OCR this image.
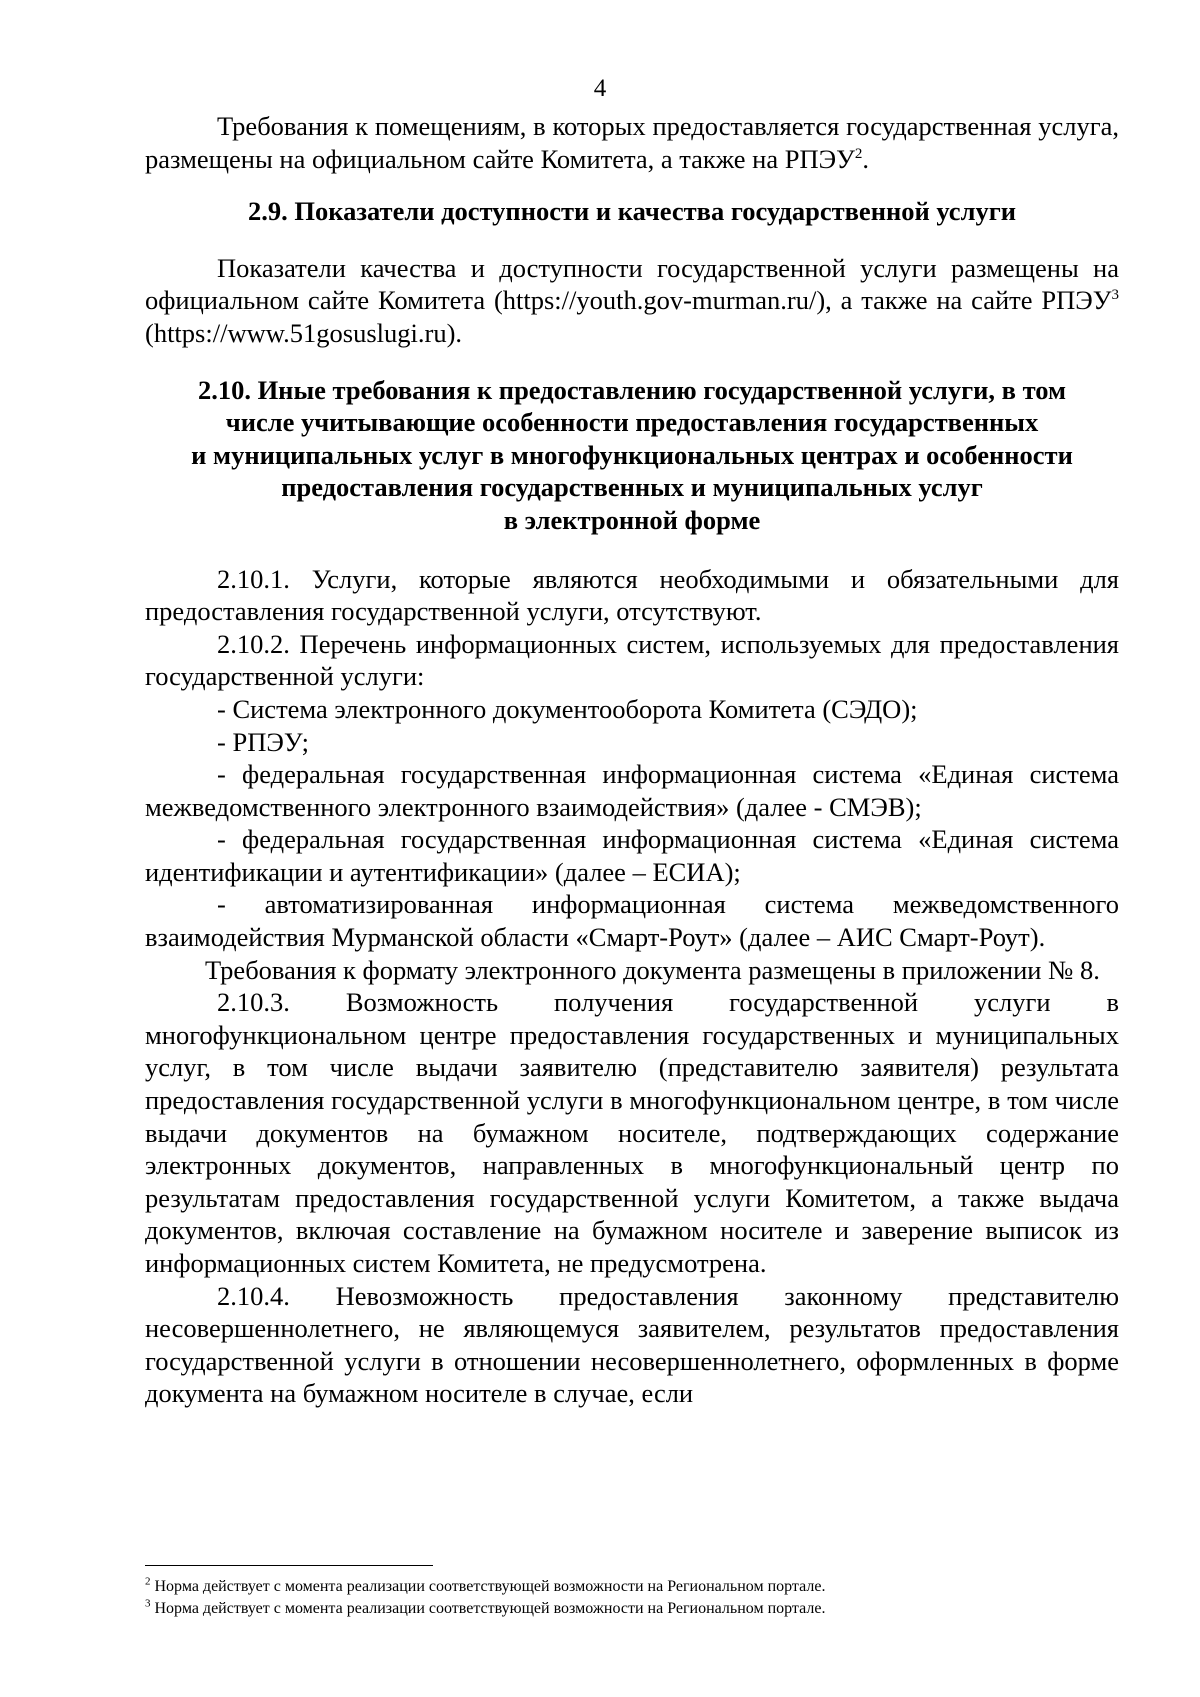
4

Требования к помещениям, в которых предоставляется государственная услуга, размещены на официальном сайте Комитета, а также на РПЭУ$^2$.

2.9. Показатели доступности и качества государственной услуги

Показатели качества и доступности государственной услуги размещены на официальном сайте Комитета (https://youth.gov-murman.ru/), а также на сайте РПЭУ$^3$ (https://www.51gosuslugi.ru).

2.10. Иные требования к предоставлению государственной услуги, в том
числе учитывающие особенности предоставления государственных
и муниципальных услуг в многофункциональных центрах и особенности
предоставления государственных и муниципальных услуг
в электронной форме

2.10.1. Услуги, которые являются необходимыми и обязательными для предоставления государственной услуги, отсутствуют.

2.10.2. Перечень информационных систем, используемых для предоставления государственной услуги:

- Система электронного документооборота Комитета (СЭДО);

- РПЭУ;

- федеральная государственная информационная система «Единая система межведомственного электронного взаимодействия» (далее - СМЭВ);

- федеральная государственная информационная система «Единая система идентификации и аутентификации» (далее – ЕСИА);

- автоматизированная информационная система межведомственного взаимодействия Мурманской области «Смарт-Роут» (далее – АИС Смарт-Роут).

Требования к формату электронного документа размещены в приложении № 8.

2.10.3. Возможность получения государственной услуги в многофункциональном центре предоставления государственных и муниципальных услуг, в том числе выдачи заявителю (представителю заявителя) результата предоставления государственной услуги в многофункциональном центре, в том числе выдачи документов на бумажном носителе, подтверждающих содержание электронных документов, направленных в многофункциональный центр по результатам предоставления государственной услуги Комитетом, а также выдача документов, включая составление на бумажном носителе и заверение выписок из информационных систем Комитета, не предусмотрена.

2.10.4. Невозможность предоставления законному представителю несовершеннолетнего, не являющемуся заявителем, результатов предоставления государственной услуги в отношении несовершеннолетнего, оформленных в форме документа на бумажном носителе в случае, если

$^2$ Норма действует с момента реализации соответствующей возможности на Региональном портале.
$^3$ Норма действует с момента реализации соответствующей возможности на Региональном портале.
